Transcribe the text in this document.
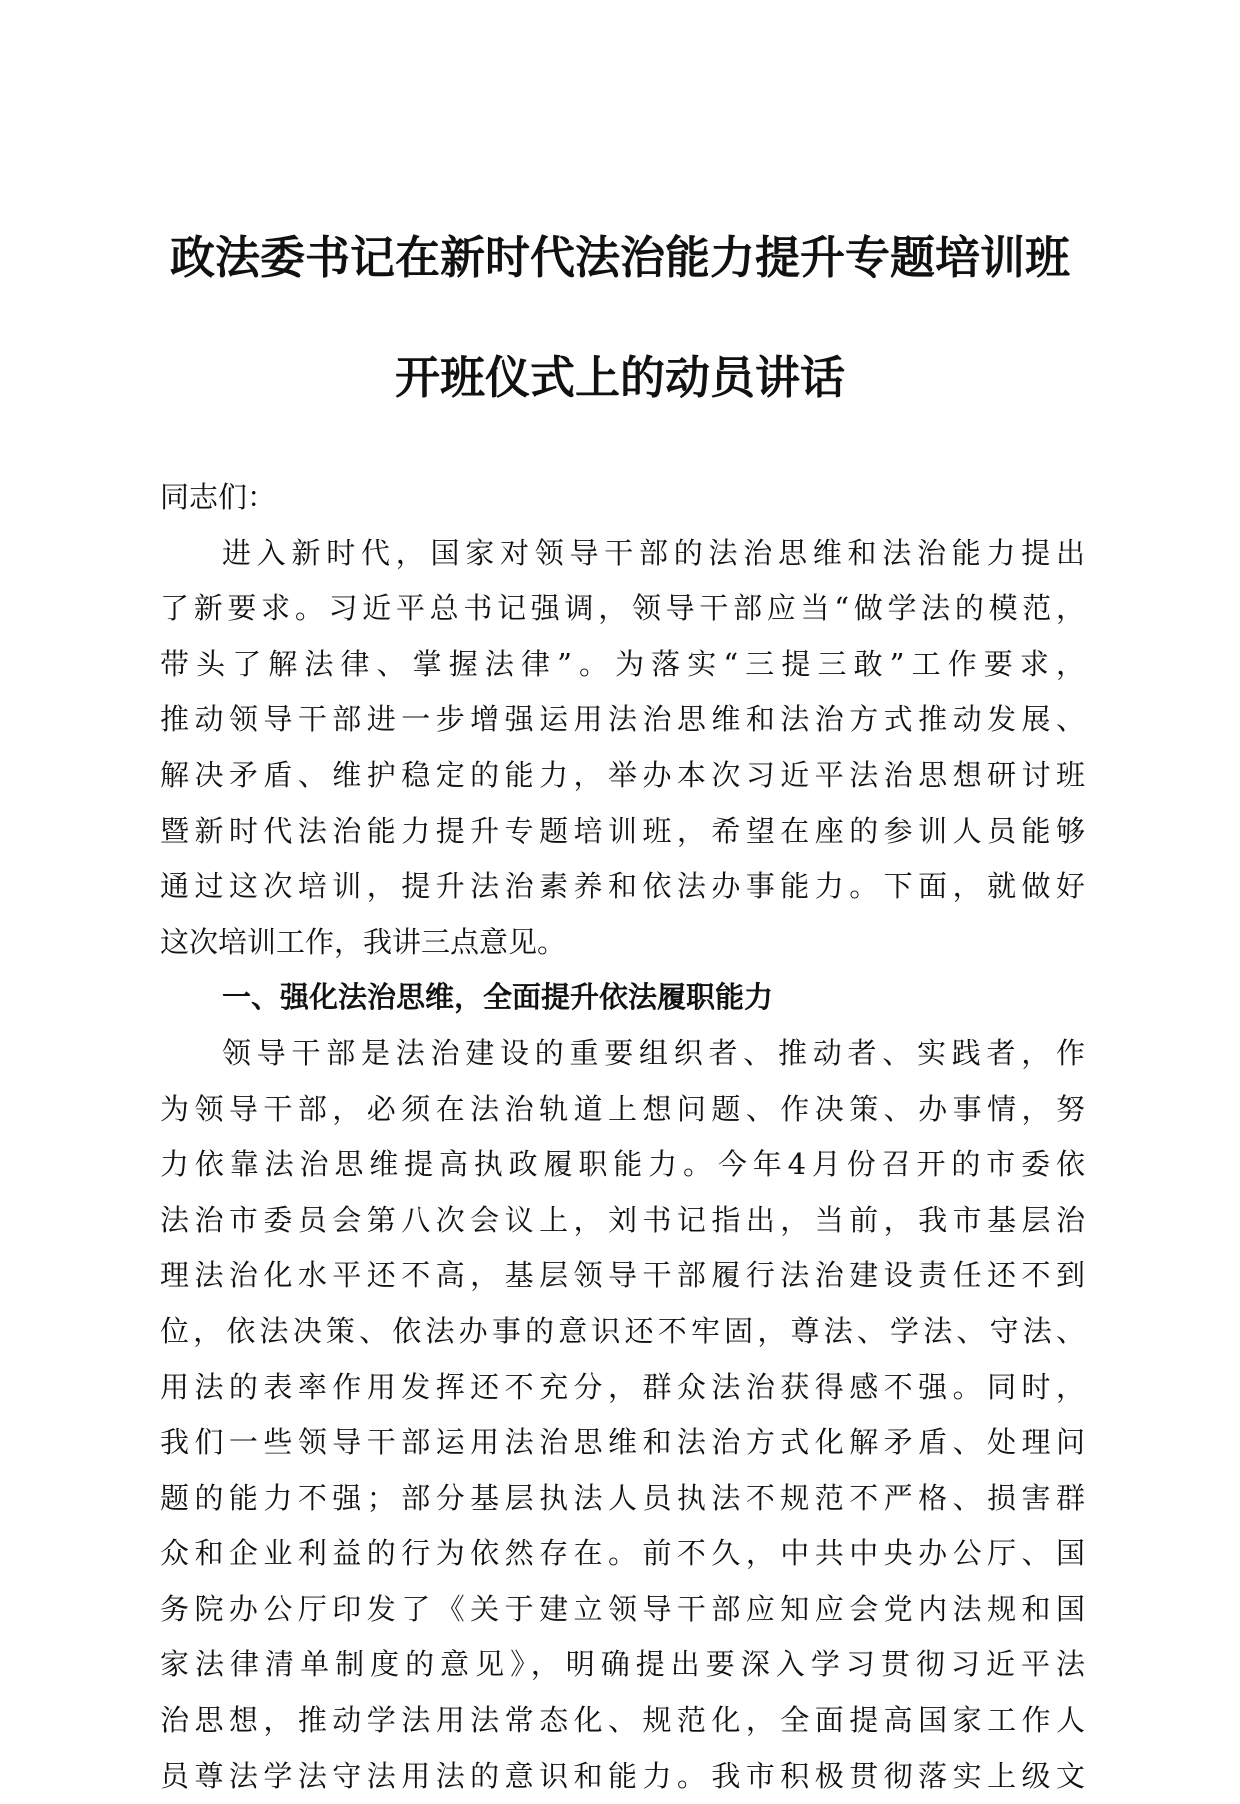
政法委书记在新时代法治能力提升专题培训班
开班仪式上的动员讲话
同志们：
进入新时代，国家对领导干部的法治思维和法治能力提出
了新要求。习近平总书记强调，领导干部应当“做学法的模范，
带头了解法律、掌握法律”。为落实“三提三敢”工作要求，
推动领导干部进一步增强运用法治思维和法治方式推动发展、
解决矛盾、维护稳定的能力，举办本次习近平法治思想研讨班
暨新时代法治能力提升专题培训班，希望在座的参训人员能够
通过这次培训，提升法治素养和依法办事能力。下面，就做好
这次培训工作，我讲三点意见。
一、强化法治思维，全面提升依法履职能力
领导干部是法治建设的重要组织者、推动者、实践者，作
为领导干部，必须在法治轨道上想问题、作决策、办事情，努
力依靠法治思维提高执政履职能力。今年4月份召开的市委依
法治市委员会第八次会议上，刘书记指出，当前，我市基层治
理法治化水平还不高，基层领导干部履行法治建设责任还不到
位，依法决策、依法办事的意识还不牢固，尊法、学法、守法、
用法的表率作用发挥还不充分，群众法治获得感不强。同时，
我们一些领导干部运用法治思维和法治方式化解矛盾、处理问
题的能力不强；部分基层执法人员执法不规范不严格、损害群
众和企业利益的行为依然存在。前不久，中共中央办公厅、国
务院办公厅印发了《关于建立领导干部应知应会党内法规和国
家法律清单制度的意见》，明确提出要深入学习贯彻习近平法
治思想，推动学法用法常态化、规范化，全面提高国家工作人
员尊法学法守法用法的意识和能力。我市积极贯彻落实上级文
